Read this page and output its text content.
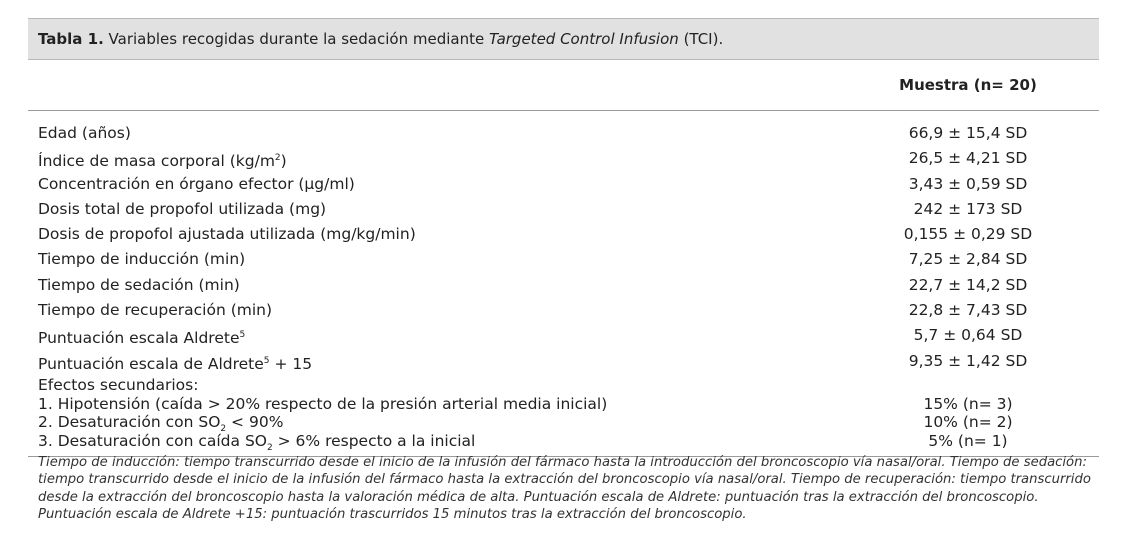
Tabla 1. Variables recogidas durante la sedación mediante Targeted Control Infusion (TCI).
Muestra (n= 20)
Edad (años)	66,9 ± 15,4 SD
Índice de masa corporal $(kg/m^2)$	26,5 ± 4,21 SD
Concentración en órgano efector (µg/ml)	3,43 ± 0,59 SD
Dosis total de propofol utilizada (mg)	242 ± 173 SD
Dosis de propofol ajustada utilizada (mg/kg/min)	0,155 ± 0,29 SD
Tiempo de inducción (min)	7,25 ± 2,84 SD
Tiempo de sedación (min)	22,7 ± 14,2 SD
Tiempo de recuperación (min)	22,8 ± 7,43 SD
Puntuación escala Aldrete$^5$	5,7 ± 0,64 SD
Puntuación escala de Aldrete$^5$ + 15	9,35 ± 1,42 SD
Efectos secundarios:
1. Hipotensión (caída > 20% respecto de la presión arterial media inicial)	15% (n= 3)
2. Desaturación con $SO_2 < 90\%$	10% (n= 2)
3. Desaturación con caída $SO_2 > 6\%$ respecto a la inicial	5% (n= 1)
Tiempo de inducción: tiempo transcurrido desde el inicio de la infusión del fármaco hasta la introducción del broncoscopio vía nasal/oral. Tiempo de sedación: tiempo transcurrido desde el inicio de la infusión del fármaco hasta la extracción del broncoscopio vía nasal/oral. Tiempo de recuperación: tiempo transcurrido desde la extracción del broncoscopio hasta la valoración médica de alta. Puntuación escala de Aldrete: puntuación tras la extracción del broncoscopio. Puntuación escala de Aldrete +15: puntuación trascurridos 15 minutos tras la extracción del broncoscopio.
